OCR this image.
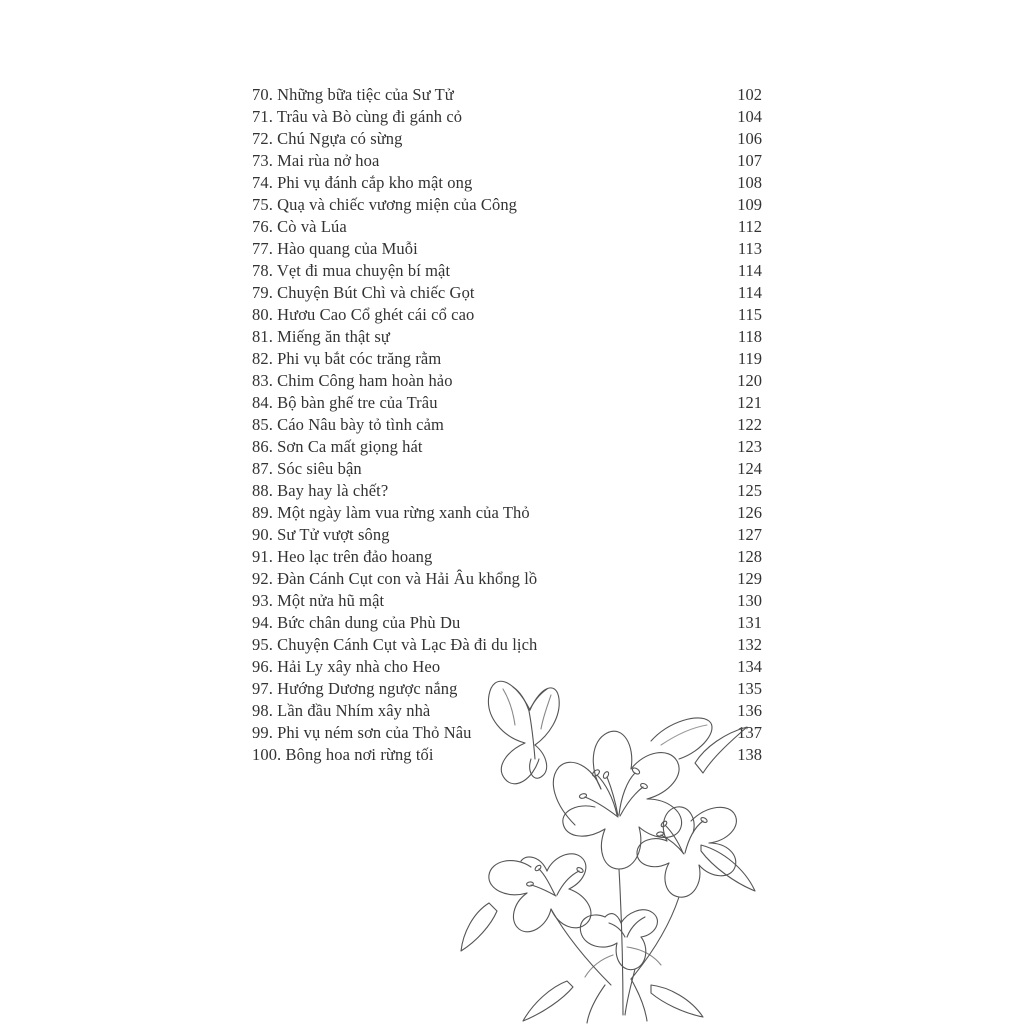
70. Những bữa tiệc của Sư Tử	102
71. Trâu và Bò cùng đi gánh cỏ	104
72. Chú Ngựa có sừng	106
73. Mai rùa nở hoa	107
74. Phi vụ đánh cắp kho mật ong	108
75. Quạ và chiếc vương miện của Công	109
76. Cò và Lúa	112
77. Hào quang của Muỗi	113
78. Vẹt đi mua chuyện bí mật	114
79. Chuyện Bút Chì và chiếc Gọt	114
80. Hươu Cao Cổ ghét cái cổ cao	115
81. Miếng ăn thật sự	118
82. Phi vụ bắt cóc trăng rằm	119
83. Chim Công ham hoàn hảo	120
84. Bộ bàn ghế tre của Trâu	121
85. Cáo Nâu bày tỏ tình cảm	122
86. Sơn Ca mất giọng hát	123
87. Sóc siêu bận	124
88. Bay hay là chết?	125
89. Một ngày làm vua rừng xanh của Thỏ	126
90. Sư Tử vượt sông	127
91. Heo lạc trên đảo hoang	128
92. Đàn Cánh Cụt con và Hải Âu khổng lồ	129
93. Một nửa hũ mật	130
94. Bức chân dung của Phù Du	131
95. Chuyện Cánh Cụt và Lạc Đà đi du lịch	132
96. Hải Ly xây nhà cho Heo	134
97. Hướng Dương ngược nắng	135
98. Lần đầu Nhím xây nhà	136
99. Phi vụ ném sơn của Thỏ Nâu	137
100. Bông hoa nơi rừng tối	138
